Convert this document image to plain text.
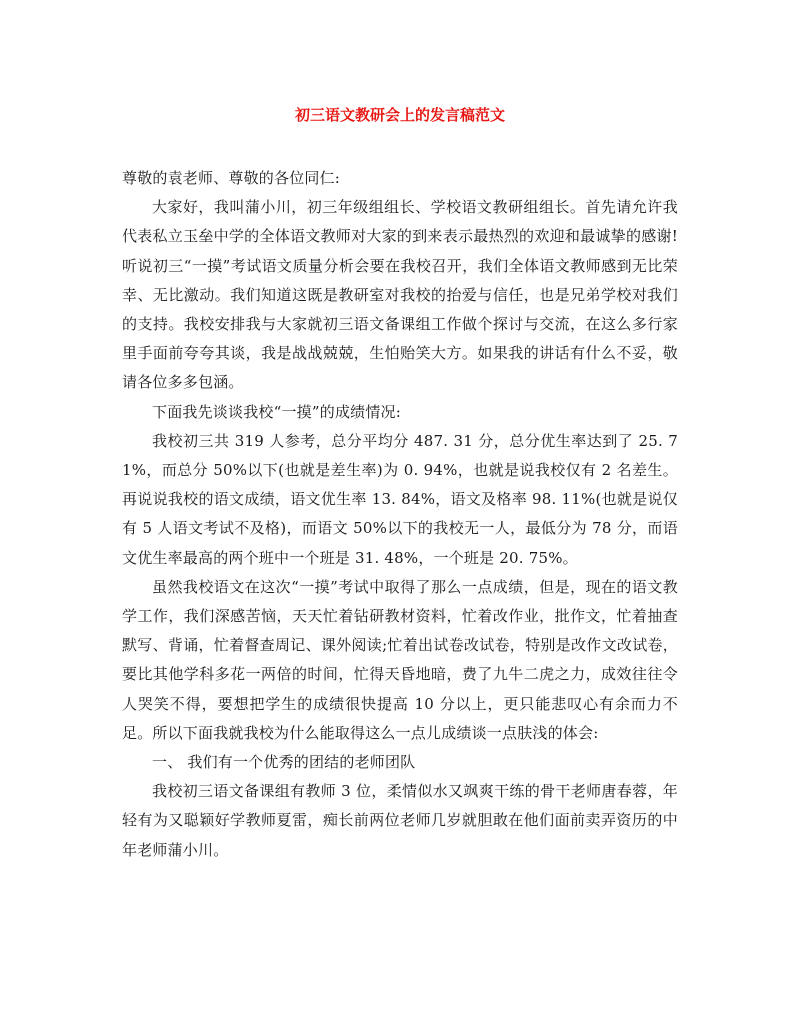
初三语文教研会上的发言稿范文

尊敬的袁老师、尊敬的各位同仁:

大家好，我叫蒲小川，初三年级组组长、学校语文教研组组长。首先请允许我代表私立玉垒中学的全体语文教师对大家的到来表示最热烈的欢迎和最诚挚的感谢!听说初三“一摸”考试语文质量分析会要在我校召开，我们全体语文教师感到无比荣幸、无比激动。我们知道这既是教研室对我校的抬爱与信任，也是兄弟学校对我们的支持。我校安排我与大家就初三语文备课组工作做个探讨与交流，在这么多行家里手面前夸夸其谈，我是战战兢兢，生怕贻笑大方。如果我的讲话有什么不妥，敬请各位多多包涵。

下面我先谈谈我校“一摸”的成绩情况:

我校初三共 319 人参考，总分平均分 487. 31 分，总分优生率达到了 25. 71%，而总分 50%以下(也就是差生率)为 0. 94%，也就是说我校仅有 2 名差生。再说说我校的语文成绩，语文优生率 13. 84%，语文及格率 98. 11%(也就是说仅有 5 人语文考试不及格)，而语文 50%以下的我校无一人，最低分为 78 分，而语文优生率最高的两个班中一个班是 31. 48%，一个班是 20. 75%。

虽然我校语文在这次“一摸”考试中取得了那么一点成绩，但是，现在的语文教学工作，我们深感苦恼，天天忙着钻研教材资料，忙着改作业，批作文，忙着抽查默写、背诵，忙着督查周记、课外阅读;忙着出试卷改试卷，特别是改作文改试卷，要比其他学科多花一两倍的时间，忙得天昏地暗，费了九牛二虎之力，成效往往令人哭笑不得，要想把学生的成绩很快提高 10 分以上，更只能悲叹心有余而力不足。所以下面我就我校为什么能取得这么一点儿成绩谈一点肤浅的体会:

一、 我们有一个优秀的团结的老师团队

我校初三语文备课组有教师 3 位，柔情似水又飒爽干练的骨干老师唐春蓉，年轻有为又聪颖好学教师夏雷，痴长前两位老师几岁就胆敢在他们面前卖弄资历的中年老师蒲小川。
